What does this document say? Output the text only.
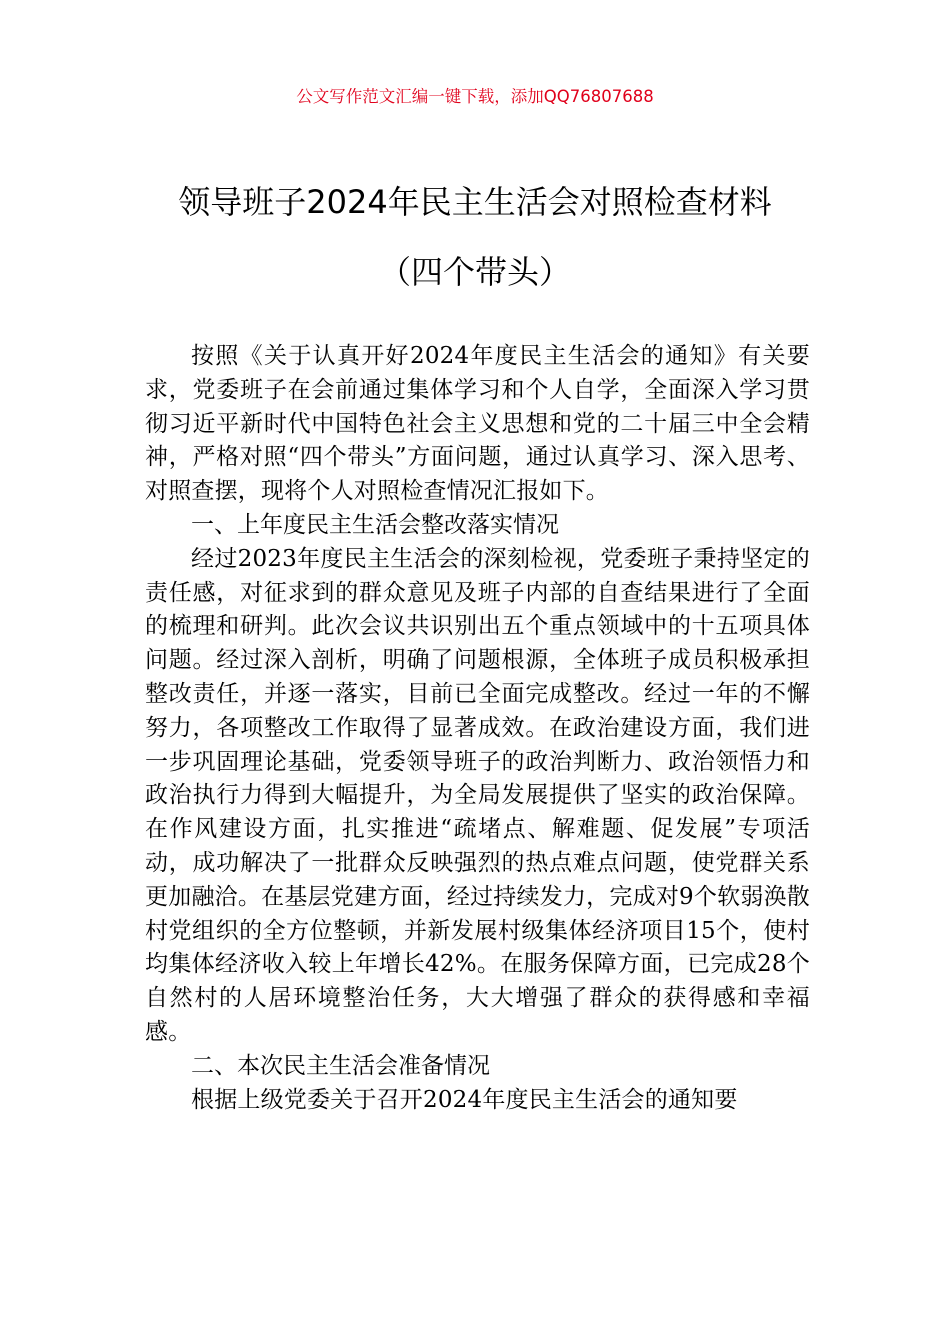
公文写作范文汇编一键下载，添加QQ76807688
领导班子2024年民主生活会对照检查材料
（四个带头）

按照《关于认真开好2024年度民主生活会的通知》有关要求，党委班子在会前通过集体学习和个人自学，全面深入学习贯彻习近平新时代中国特色社会主义思想和党的二十届三中全会精神，严格对照“四个带头”方面问题，通过认真学习、深入思考、对照查摆，现将个人对照检查情况汇报如下。

一、上年度民主生活会整改落实情况

经过2023年度民主生活会的深刻检视，党委班子秉持坚定的责任感，对征求到的群众意见及班子内部的自查结果进行了全面的梳理和研判。此次会议共识别出五个重点领域中的十五项具体问题。经过深入剖析，明确了问题根源，全体班子成员积极承担整改责任，并逐一落实，目前已全面完成整改。经过一年的不懈努力，各项整改工作取得了显著成效。在政治建设方面，我们进一步巩固理论基础，党委领导班子的政治判断力、政治领悟力和政治执行力得到大幅提升，为全局发展提供了坚实的政治保障。在作风建设方面，扎实推进“疏堵点、解难题、促发展”专项活动，成功解决了一批群众反映强烈的热点难点问题，使党群关系更加融洽。在基层党建方面，经过持续发力，完成对9个软弱涣散村党组织的全方位整顿，并新发展村级集体经济项目15个，使村均集体经济收入较上年增长42%。在服务保障方面，已完成28个自然村的人居环境整治任务，大大增强了群众的获得感和幸福感。

二、本次民主生活会准备情况

根据上级党委关于召开2024年度民主生活会的通知要
